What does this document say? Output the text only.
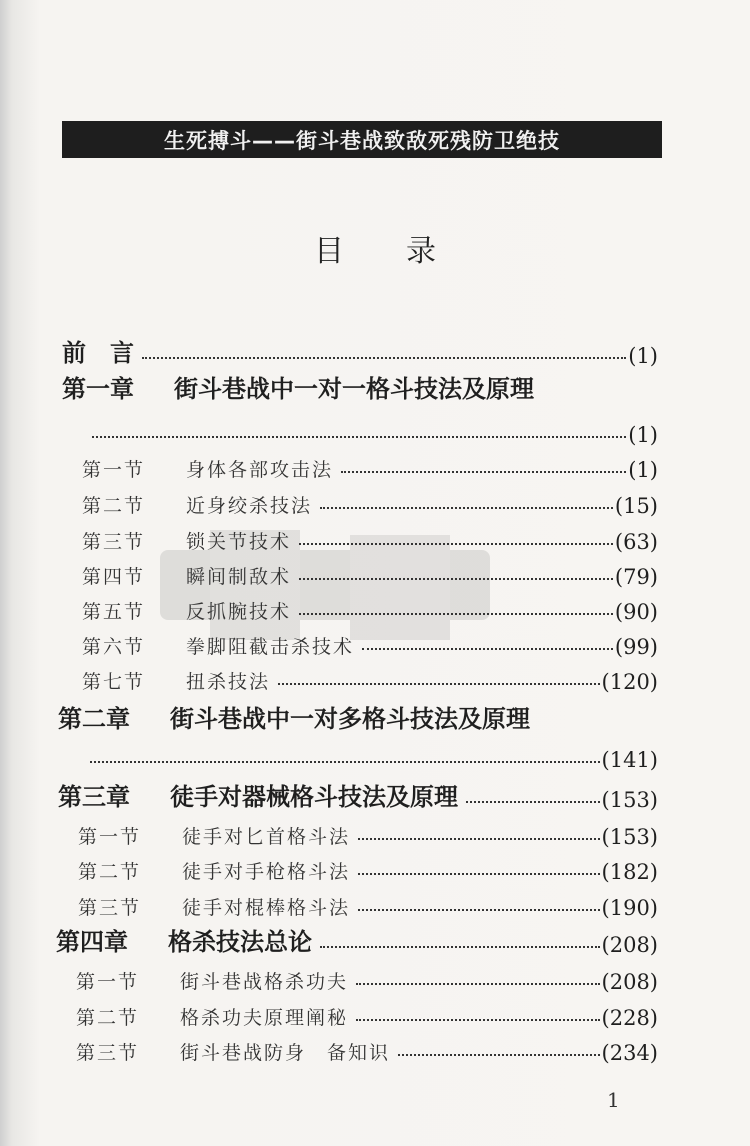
生死搏斗——街斗巷战致敌死残防卫绝技
目录
前　言	(1)
第一章 街斗巷战中一对一格斗技法及原理
(1)
第一节 身体各部攻击法	(1)
第二节 近身绞杀技法	(15)
第三节 锁关节技术	(63)
第四节 瞬间制敌术	(79)
第五节 反抓腕技术	(90)
第六节 拳脚阻截击杀技术	(99)
第七节 扭杀技法	(120)
第二章 街斗巷战中一对多格斗技法及原理
(141)
第三章 徒手对器械格斗技法及原理	(153)
第一节 徒手对匕首格斗法	(153)
第二节 徒手对手枪格斗法	(182)
第三节 徒手对棍棒格斗法	(190)
第四章 格杀技法总论	(208)
第一节 街斗巷战格杀功夫	(208)
第二节 格杀功夫原理阐秘	(228)
第三节 街斗巷战防身　备知识	(234)
1
